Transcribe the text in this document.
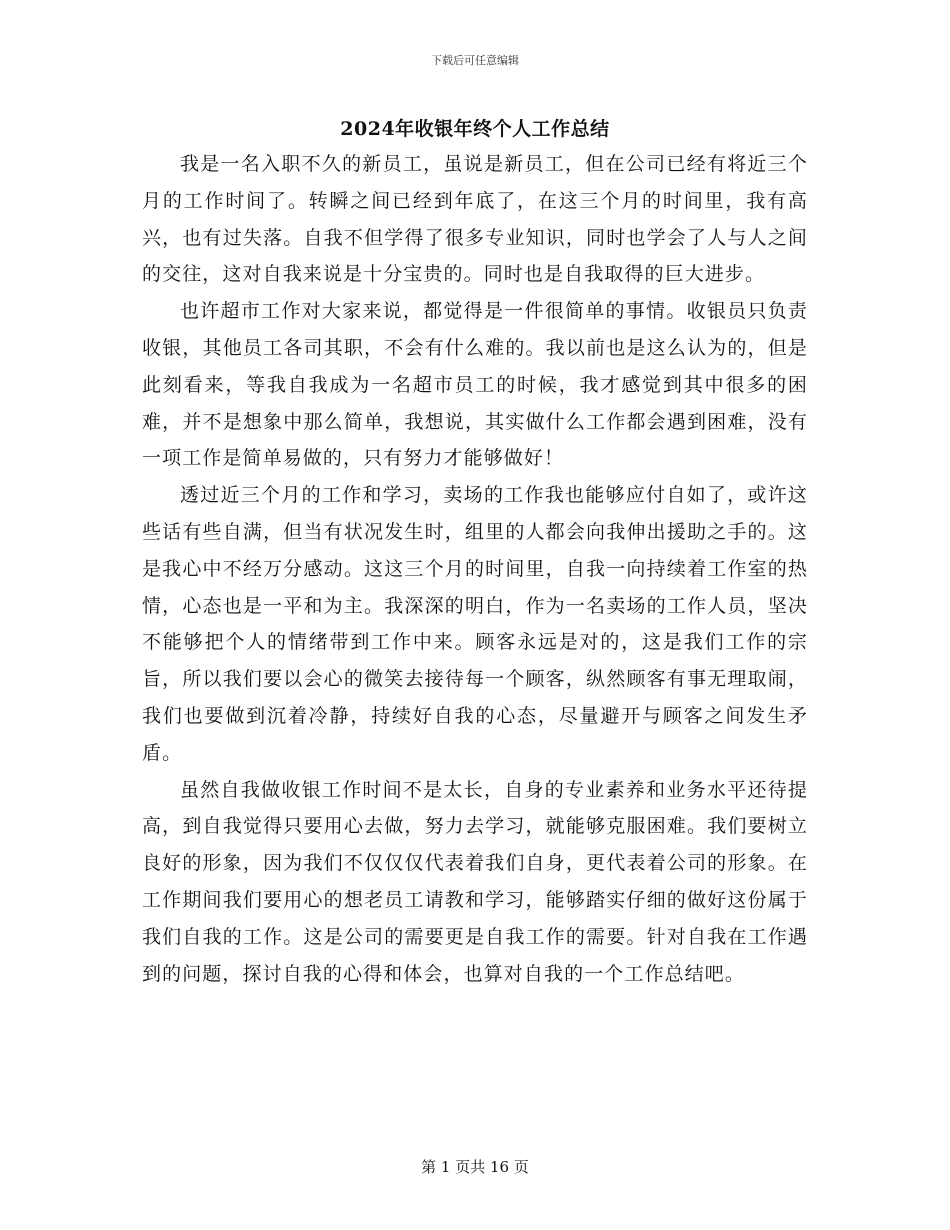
下载后可任意编辑
2024年收银年终个人工作总结

我是一名入职不久的新员工，虽说是新员工，但在公司已经有将近三个月的工作时间了。转瞬之间已经到年底了，在这三个月的时间里，我有高兴，也有过失落。自我不但学得了很多专业知识，同时也学会了人与人之间的交往，这对自我来说是十分宝贵的。同时也是自我取得的巨大进步。

也许超市工作对大家来说，都觉得是一件很简单的事情。收银员只负责收银，其他员工各司其职，不会有什么难的。我以前也是这么认为的，但是此刻看来，等我自我成为一名超市员工的时候，我才感觉到其中很多的困难，并不是想象中那么简单，我想说，其实做什么工作都会遇到困难，没有一项工作是简单易做的，只有努力才能够做好！

透过近三个月的工作和学习，卖场的工作我也能够应付自如了，或许这些话有些自满，但当有状况发生时，组里的人都会向我伸出援助之手的。这是我心中不经万分感动。这这三个月的时间里，自我一向持续着工作室的热情，心态也是一平和为主。我深深的明白，作为一名卖场的工作人员，坚决不能够把个人的情绪带到工作中来。顾客永远是对的，这是我们工作的宗旨，所以我们要以会心的微笑去接待每一个顾客，纵然顾客有事无理取闹，我们也要做到沉着冷静，持续好自我的心态，尽量避开与顾客之间发生矛盾。

虽然自我做收银工作时间不是太长，自身的专业素养和业务水平还待提高，到自我觉得只要用心去做，努力去学习，就能够克服困难。我们要树立良好的形象，因为我们不仅仅仅代表着我们自身，更代表着公司的形象。在工作期间我们要用心的想老员工请教和学习，能够踏实仔细的做好这份属于我们自我的工作。这是公司的需要更是自我工作的需要。针对自我在工作遇到的问题，探讨自我的心得和体会，也算对自我的一个工作总结吧。

第 1 页共 16 页
